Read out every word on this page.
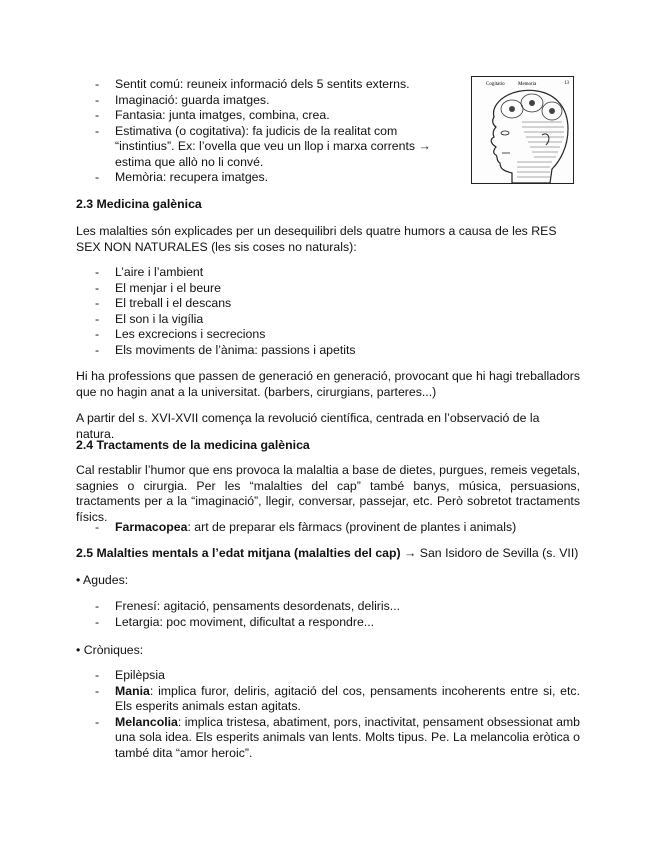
Cogitatio	Memoria	13
- Sentit comú: reuneix informació dels 5 sentits externs.
- Imaginació: guarda imatges.
- Fantasia: junta imatges, combina, crea.
- Estimativa (o cogitativa): fa judicis de la realitat com “instintius”. Ex: l’ovella que veu un llop i marxa corrents → estima que allò no li convé.
- Memòria: recupera imatges.
2.3 Medicina galènica

Les malalties són explicades per un desequilibri dels quatre humors a causa de les RES SEX NON NATURALES (les sis coses no naturals):

- L’aire i l’ambient
- El menjar i el beure
- El treball i el descans
- El son i la vigília
- Les excrecions i secrecions
- Els moviments de l’ànima: passions i apetits

Hi ha professions que passen de generació en generació, provocant que hi hagi treballadors que no hagin anat a la universitat. (barbers, cirurgians, parteres...)

A partir del s. XVI-XVII comença la revolució científica, centrada en l’observació de la natura.

2.4 Tractaments de la medicina galènica

Cal restablir l’humor que ens provoca la malaltia a base de dietes, purgues, remeis vegetals, sagnies o cirurgia. Per les “malalties del cap” també banys, música, persuasions, tractaments per a la “imaginació”, llegir, conversar, passejar, etc. Però sobretot tractaments físics.

- Farmacopea: art de preparar els fàrmacs (provinent de plantes i animals)
2.5 Malalties mentals a l’edat mitjana (malalties del cap) → San Isidoro de Sevilla (s. VII)
• Agudes:
- Frenesí: agitació, pensaments desordenats, deliris...
- Letargia: poc moviment, dificultat a respondre...
• Cròniques:
- Epilèpsia
- Mania: implica furor, deliris, agitació del cos, pensaments incoherents entre si, etc. Els esperits animals estan agitats.
- Melancolia: implica tristesa, abatiment, pors, inactivitat, pensament obsessionat amb una sola idea. Els esperits animals van lents. Molts tipus. Pe. La melancolia eròtica o també dita “amor heroic”.
